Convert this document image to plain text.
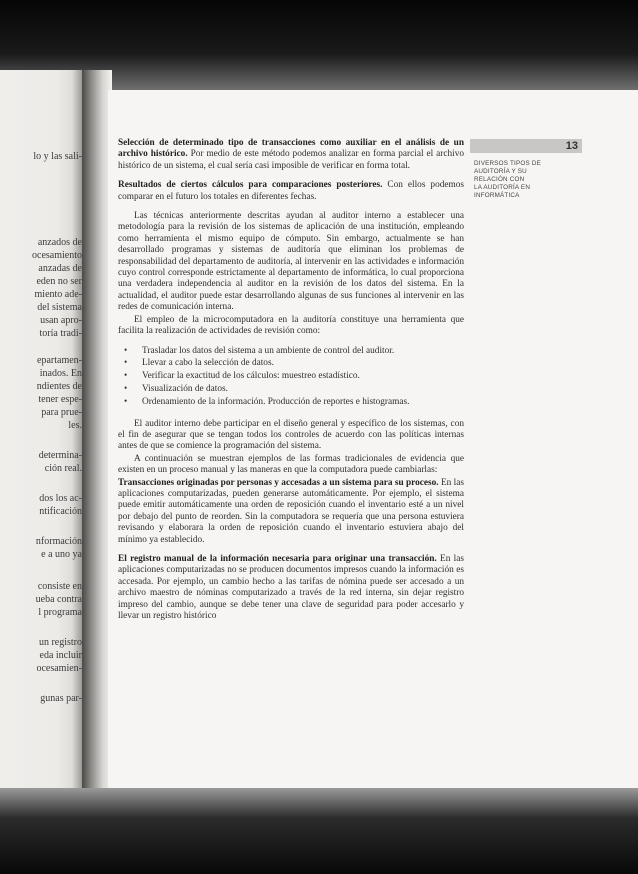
lo y las sali-
anzados de
ocesamiento
anzadas de
eden no ser
miento ade-
del sistema
usan apro-
toría tradi-
epartamen-
inados. En
ndientes de
tener espe-
para prue-
les.
determina-
ción real.
dos los ac-
ntificación
nformación
e a uno ya
consiste en
ueba contra
l programa
un registro
eda incluir
ocesamien-
gunas par-
13
DIVERSOS TIPOS DE
AUDITORÍA Y SU
RELACIÓN CON
LA AUDITORÍA EN
INFORMÁTICA

Selección de determinado tipo de transacciones como auxiliar en el análisis de un archivo histórico. Por medio de este método podemos analizar en forma parcial el archivo histórico de un sistema, el cual sería casi imposible de verificar en forma total.

Resultados de ciertos cálculos para comparaciones posteriores. Con ellos podemos comparar en el futuro los totales en diferentes fechas.

Las técnicas anteriormente descritas ayudan al auditor interno a establecer una metodología para la revisión de los sistemas de aplicación de una institución, empleando como herramienta el mismo equipo de cómputo. Sin embargo, actualmente se han desarrollado programas y sistemas de auditoría que eliminan los problemas de responsabilidad del departamento de auditoría, al intervenir en las actividades e información cuyo control corresponde estrictamente al departamento de informática, lo cual proporciona una verdadera independencia al auditor en la revisión de los datos del sistema. En la actualidad, el auditor puede estar desarrollando algunas de sus funciones al intervenir en las redes de comunicación interna.

El empleo de la microcomputadora en la auditoría constituye una herramienta que facilita la realización de actividades de revisión como:

• Trasladar los datos del sistema a un ambiente de control del auditor.
• Llevar a cabo la selección de datos.
• Verificar la exactitud de los cálculos: muestreo estadístico.
• Visualización de datos.
• Ordenamiento de la información. Producción de reportes e histogramas.

El auditor interno debe participar en el diseño general y específico de los sistemas, con el fin de asegurar que se tengan todos los controles de acuerdo con las políticas internas antes de que se comience la programación del sistema.

A continuación se muestran ejemplos de las formas tradicionales de evidencia que existen en un proceso manual y las maneras en que la computadora puede cambiarlas:

Transacciones originadas por personas y accesadas a un sistema para su proceso. En las aplicaciones computarizadas, pueden generarse automáticamente. Por ejemplo, el sistema puede emitir automáticamente una orden de reposición cuando el inventario esté a un nivel por debajo del punto de reorden. Sin la computadora se requería que una persona estuviera revisando y elaborara la orden de reposición cuando el inventario estuviera abajo del mínimo ya establecido.

El registro manual de la información necesaria para originar una transacción. En las aplicaciones computarizadas no se producen documentos impresos cuando la información es accesada. Por ejemplo, un cambio hecho a las tarifas de nómina puede ser accesado a un archivo maestro de nóminas computarizado a través de la red interna, sin dejar registro impreso del cambio, aunque se debe tener una clave de seguridad para poder accesarlo y llevar un registro histórico
